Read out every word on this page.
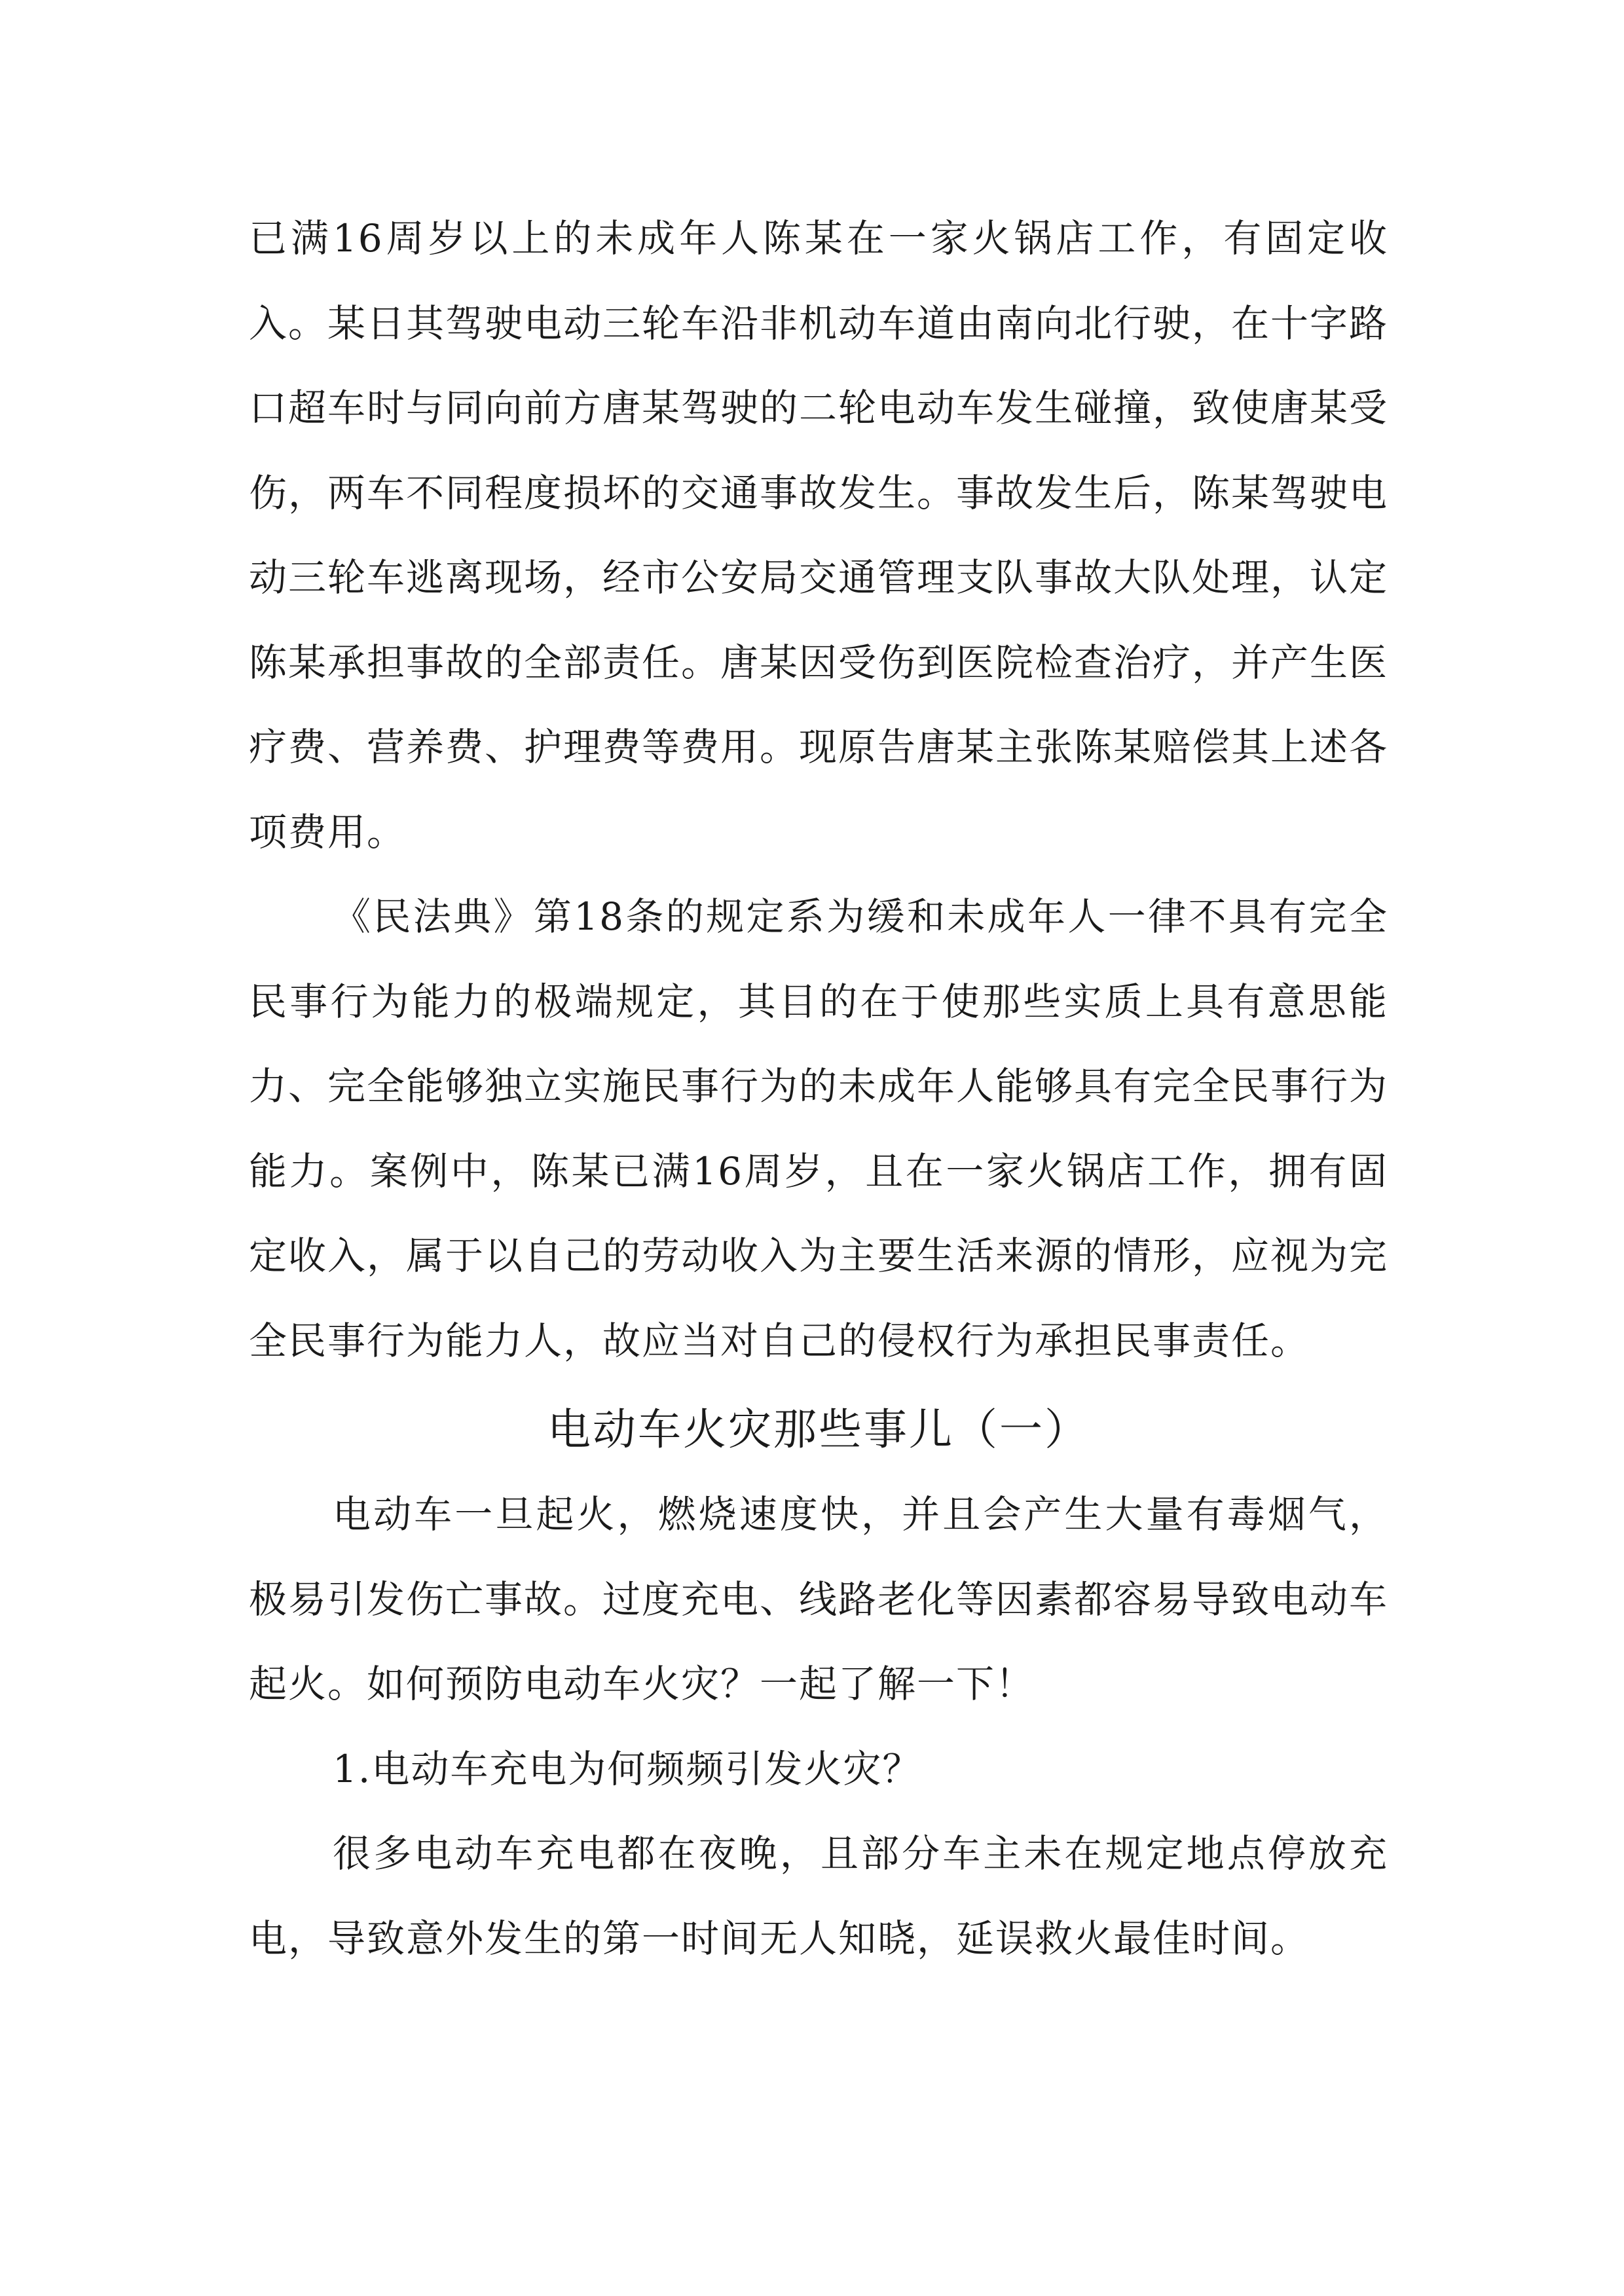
已满16周岁以上的未成年人陈某在一家火锅店工作，有固定收入。某日其驾驶电动三轮车沿非机动车道由南向北行驶，在十字路口超车时与同向前方唐某驾驶的二轮电动车发生碰撞，致使唐某受伤，两车不同程度损坏的交通事故发生。事故发生后，陈某驾驶电动三轮车逃离现场，经市公安局交通管理支队事故大队处理，认定陈某承担事故的全部责任。唐某因受伤到医院检查治疗，并产生医疗费、营养费、护理费等费用。现原告唐某主张陈某赔偿其上述各项费用。

《民法典》第18条的规定系为缓和未成年人一律不具有完全民事行为能力的极端规定，其目的在于使那些实质上具有意思能力、完全能够独立实施民事行为的未成年人能够具有完全民事行为能力。案例中，陈某已满16周岁，且在一家火锅店工作，拥有固定收入，属于以自己的劳动收入为主要生活来源的情形，应视为完全民事行为能力人，故应当对自己的侵权行为承担民事责任。

电动车火灾那些事儿（一）

电动车一旦起火，燃烧速度快，并且会产生大量有毒烟气，极易引发伤亡事故。过度充电、线路老化等因素都容易导致电动车起火。如何预防电动车火灾？一起了解一下！

1.电动车充电为何频频引发火灾？

很多电动车充电都在夜晚，且部分车主未在规定地点停放充电，导致意外发生的第一时间无人知晓，延误救火最佳时间。
